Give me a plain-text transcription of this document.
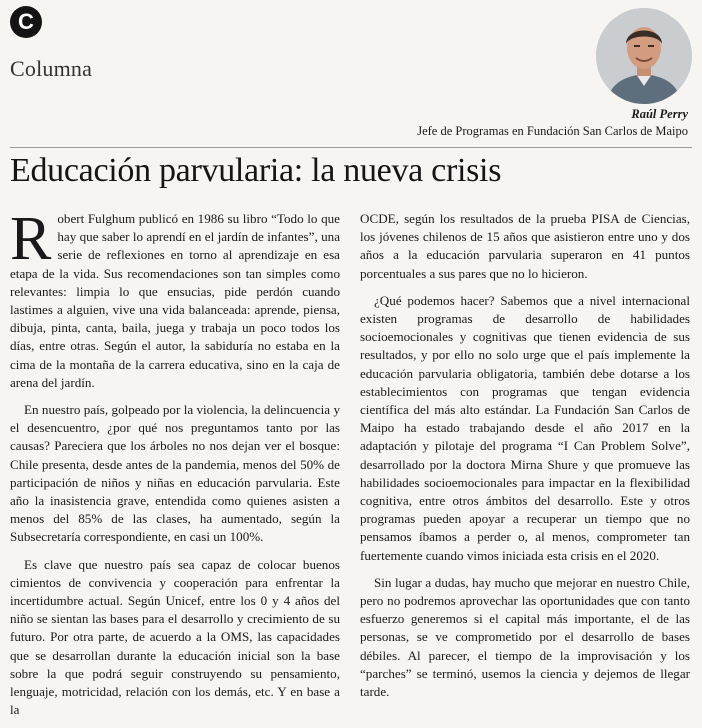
C
Columna
Raúl Perry
Jefe de Programas en Fundación San Carlos de Maipo
Educación parvularia: la nueva crisis

Robert Fulghum publicó en 1986 su libro “Todo lo que hay que saber lo aprendí en el jardín de infantes”, una serie de reflexiones en torno al aprendizaje en esa etapa de la vida. Sus recomendaciones son tan simples como relevantes: limpia lo que ensucias, pide perdón cuando lastimes a alguien, vive una vida balanceada: aprende, piensa, dibuja, pinta, canta, baila, juega y trabaja un poco todos los días, entre otras. Según el autor, la sabiduría no estaba en la cima de la montaña de la carrera educativa, sino en la caja de arena del jardín.

En nuestro país, golpeado por la violencia, la delincuencia y el desencuentro, ¿por qué nos preguntamos tanto por las causas? Pareciera que los árboles no nos dejan ver el bosque: Chile presenta, desde antes de la pandemia, menos del 50% de participación de niños y niñas en educación parvularia. Este año la inasistencia grave, entendida como quienes asisten a menos del 85% de las clases, ha aumentado, según la Subsecretaría correspondiente, en casi un 100%.

Es clave que nuestro país sea capaz de colocar buenos cimientos de convivencia y cooperación para enfrentar la incertidumbre actual. Según Unicef, entre los 0 y 4 años del niño se sientan las bases para el desarrollo y crecimiento de su futuro. Por otra parte, de acuerdo a la OMS, las capacidades que se desarrollan durante la educación inicial son la base sobre la que podrá seguir construyendo su pensamiento, lenguaje, motricidad, relación con los demás, etc. Y en base a la

OCDE, según los resultados de la prueba PISA de Ciencias, los jóvenes chilenos de 15 años que asistieron entre uno y dos años a la educación parvularia superaron en 41 puntos porcentuales a sus pares que no lo hicieron.

¿Qué podemos hacer? Sabemos que a nivel internacional existen programas de desarrollo de habilidades socioemocionales y cognitivas que tienen evidencia de sus resultados, y por ello no solo urge que el país implemente la educación parvularia obligatoria, también debe dotarse a los establecimientos con programas que tengan evidencia científica del más alto estándar. La Fundación San Carlos de Maipo ha estado trabajando desde el año 2017 en la adaptación y pilotaje del programa “I Can Problem Solve”, desarrollado por la doctora Mirna Shure y que promueve las habilidades socioemocionales para impactar en la flexibilidad cognitiva, entre otros ámbitos del desarrollo. Este y otros programas pueden apoyar a recuperar un tiempo que no pensamos íbamos a perder o, al menos, comprometer tan fuertemente cuando vimos iniciada esta crisis en el 2020.

Sin lugar a dudas, hay mucho que mejorar en nuestro Chile, pero no podremos aprovechar las oportunidades que con tanto esfuerzo generemos si el capital más importante, el de las personas, se ve comprometido por el desarrollo de bases débiles. Al parecer, el tiempo de la improvisación y los “parches” se terminó, usemos la ciencia y dejemos de llegar tarde.
